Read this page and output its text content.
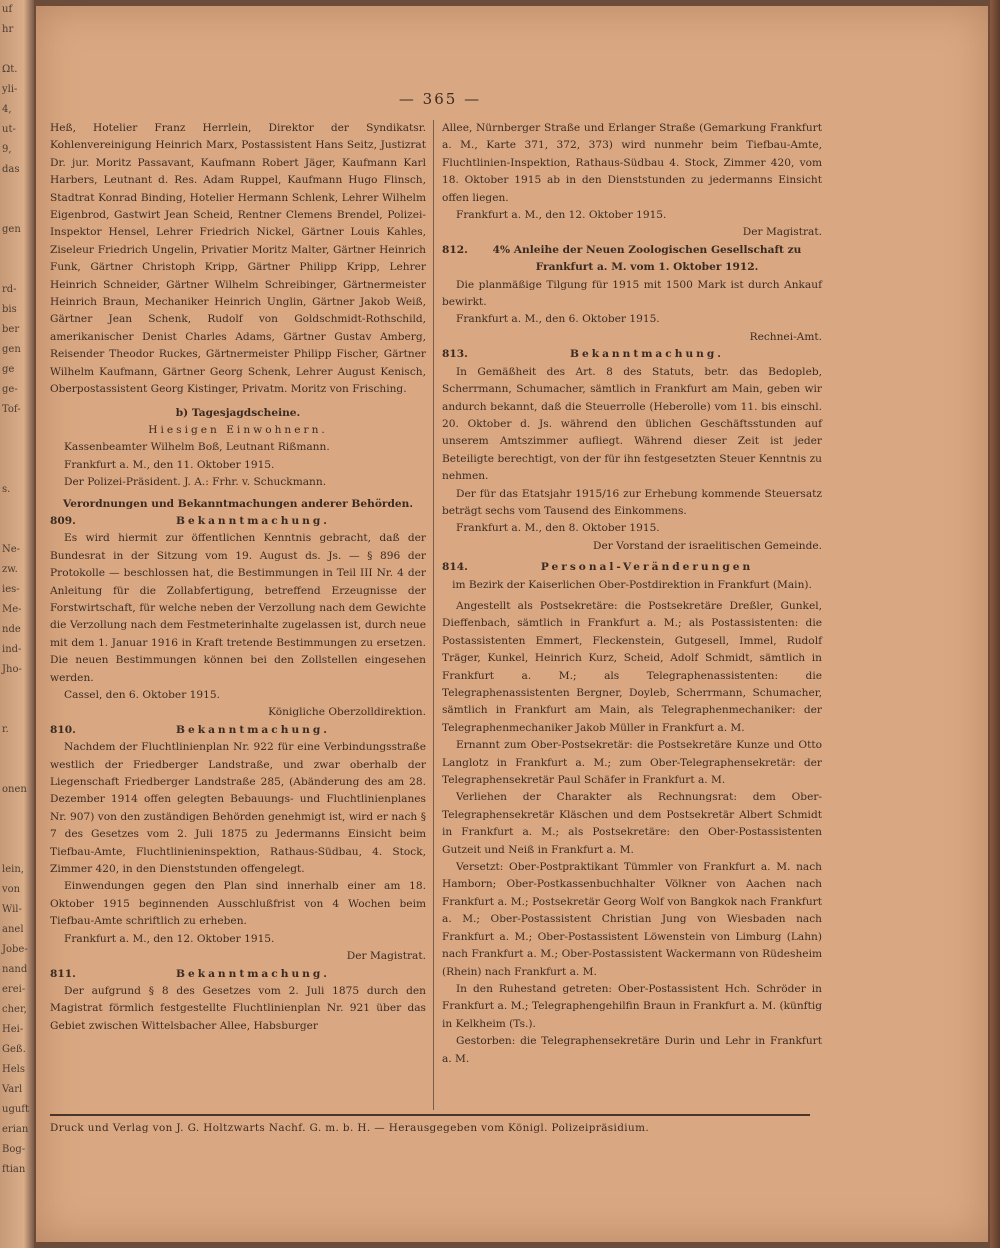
uf
hr

Ωt.
yli-
4,
ut-
9,
das

gen

rd-
bis
ber
gen
ge
ge-
Tof-

s.

Ne-
zw.
ies-
Me-
nde
ind-
Jho-

r.

onen

lein,
von
Wil-
anel
Jobe-
nand
erei-
cher,
Hei-
Geß.
Hels
Varl
uguft
erian
Bog-
ftian
— 365 —

Heß, Hotelier Franz Herrlein, Direktor der Syndikatsr. Kohlenvereinigung Heinrich Marx, Postassistent Hans Seitz, Justizrat Dr. jur. Moritz Passavant, Kaufmann Robert Jäger, Kaufmann Karl Harbers, Leutnant d. Res. Adam Ruppel, Kaufmann Hugo Flinsch, Stadtrat Konrad Binding, Hotelier Hermann Schlenk, Lehrer Wilhelm Eigenbrod, Gastwirt Jean Scheid, Rentner Clemens Brendel, Polizei-Inspektor Hensel, Lehrer Friedrich Nickel, Gärtner Louis Kahles, Ziseleur Friedrich Ungelin, Privatier Moritz Malter, Gärtner Heinrich Funk, Gärtner Christoph Kripp, Gärtner Philipp Kripp, Lehrer Heinrich Schneider, Gärtner Wilhelm Schreibinger, Gärtnermeister Heinrich Braun, Mechaniker Heinrich Unglin, Gärtner Jakob Weiß, Gärtner Jean Schenk, Rudolf von Goldschmidt-Rothschild, amerikanischer Denist Charles Adams, Gärtner Gustav Amberg, Reisender Theodor Ruckes, Gärtnermeister Philipp Fischer, Gärtner Wilhelm Kaufmann, Gärtner Georg Schenk, Lehrer August Kenisch, Oberpostassistent Georg Kistinger, Privatm. Moritz von Frisching.

b) Tagesjagdscheine.

Hiesigen Einwohnern.

Kassenbeamter Wilhelm Boß, Leutnant Rißmann.

Frankfurt a. M., den 11. Oktober 1915.

Der Polizei-Präsident. J. A.: Frhr. v. Schuckmann.

Verordnungen und Bekanntmachungen anderer Behörden.

809.	Bekanntmachung.

Es wird hiermit zur öffentlichen Kenntnis gebracht, daß der Bundesrat in der Sitzung vom 19. August ds. Js. — § 896 der Protokolle — beschlossen hat, die Bestimmungen in Teil III Nr. 4 der Anleitung für die Zollabfertigung, betreffend Erzeugnisse der Forstwirtschaft, für welche neben der Verzollung nach dem Gewichte die Verzollung nach dem Festmeterinhalte zugelassen ist, durch neue mit dem 1. Januar 1916 in Kraft tretende Bestimmungen zu ersetzen. Die neuen Bestimmungen können bei den Zollstellen eingesehen werden.

Cassel, den 6. Oktober 1915.

Königliche Oberzolldirektion.

810.	Bekanntmachung.

Nachdem der Fluchtlinienplan Nr. 922 für eine Verbindungsstraße westlich der Friedberger Landstraße, und zwar oberhalb der Liegenschaft Friedberger Landstraße 285, (Abänderung des am 28. Dezember 1914 offen gelegten Bebauungs- und Fluchtlinienplanes Nr. 907) von den zuständigen Behörden genehmigt ist, wird er nach § 7 des Gesetzes vom 2. Juli 1875 zu Jedermanns Einsicht beim Tiefbau-Amte, Fluchtlinieninspektion, Rathaus-Südbau, 4. Stock, Zimmer 420, in den Dienststunden offengelegt.

Einwendungen gegen den Plan sind innerhalb einer am 18. Oktober 1915 beginnenden Ausschlußfrist von 4 Wochen beim Tiefbau-Amte schriftlich zu erheben.

Frankfurt a. M., den 12. Oktober 1915.

Der Magistrat.

811.	Bekanntmachung.

Der aufgrund § 8 des Gesetzes vom 2. Juli 1875 durch den Magistrat förmlich festgestellte Fluchtlinienplan Nr. 921 über das Gebiet zwischen Wittelsbacher Allee, Habsburger

Allee, Nürnberger Straße und Erlanger Straße (Gemarkung Frankfurt a. M., Karte 371, 372, 373) wird nunmehr beim Tiefbau-Amte, Fluchtlinien-Inspektion, Rathaus-Südbau 4. Stock, Zimmer 420, vom 18. Oktober 1915 ab in den Dienststunden zu jedermanns Einsicht offen liegen.

Frankfurt a. M., den 12. Oktober 1915.

Der Magistrat.

812.	4% Anleihe der Neuen Zoologischen Gesellschaft zu Frankfurt a. M. vom 1. Oktober 1912.

Die planmäßige Tilgung für 1915 mit 1500 Mark ist durch Ankauf bewirkt.

Frankfurt a. M., den 6. Oktober 1915.

Rechnei-Amt.

813.	Bekanntmachung.

In Gemäßheit des Art. 8 des Statuts, betr. das Bedopleb, Scherrmann, Schumacher, sämtlich in Frankfurt am Main, geben wir andurch bekannt, daß die Steuerrolle (Heberolle) vom 11. bis einschl. 20. Oktober d. Js. während den üblichen Geschäftsstunden auf unserem Amtszimmer aufliegt. Während dieser Zeit ist jeder Beteiligte berechtigt, von der für ihn festgesetzten Steuer Kenntnis zu nehmen.

Der für das Etatsjahr 1915/16 zur Erhebung kommende Steuersatz beträgt sechs vom Tausend des Einkommens.

Frankfurt a. M., den 8. Oktober 1915.

Der Vorstand der israelitischen Gemeinde.

814.	Personal-Veränderungen

im Bezirk der Kaiserlichen Ober-Postdirektion in Frankfurt (Main).

Angestellt als Postsekretäre: die Postsekretäre Dreßler, Gunkel, Dieffenbach, sämtlich in Frankfurt a. M.; als Postassistenten: die Postassistenten Emmert, Fleckenstein, Gutgesell, Immel, Rudolf Träger, Kunkel, Heinrich Kurz, Scheid, Adolf Schmidt, sämtlich in Frankfurt a. M.; als Telegraphenassistenten: die Telegraphenassistenten Bergner, Doyleb, Scherrmann, Schumacher, sämtlich in Frankfurt am Main, als Telegraphenmechaniker: der Telegraphenmechaniker Jakob Müller in Frankfurt a. M.

Ernannt zum Ober-Postsekretär: die Postsekretäre Kunze und Otto Langlotz in Frankfurt a. M.; zum Ober-Telegraphensekretär: der Telegraphensekretär Paul Schäfer in Frankfurt a. M.

Verliehen der Charakter als Rechnungsrat: dem Ober-Telegraphensekretär Kläschen und dem Postsekretär Albert Schmidt in Frankfurt a. M.; als Postsekretäre: den Ober-Postassistenten Gutzeit und Neiß in Frankfurt a. M.

Versetzt: Ober-Postpraktikant Tümmler von Frankfurt a. M. nach Hamborn; Ober-Postkassenbuchhalter Völkner von Aachen nach Frankfurt a. M.; Postsekretär Georg Wolf von Bangkok nach Frankfurt a. M.; Ober-Postassistent Christian Jung von Wiesbaden nach Frankfurt a. M.; Ober-Postassistent Löwenstein von Limburg (Lahn) nach Frankfurt a. M.; Ober-Postassistent Wackermann von Rüdesheim (Rhein) nach Frankfurt a. M.

In den Ruhestand getreten: Ober-Postassistent Hch. Schröder in Frankfurt a. M.; Telegraphengehilfin Braun in Frankfurt a. M. (künftig in Kelkheim (Ts.).

Gestorben: die Telegraphensekretäre Durin und Lehr in Frankfurt a. M.

Druck und Verlag von J. G. Holtzwarts Nachf. G. m. b. H. — Herausgegeben vom Königl. Polizeipräsidium.
